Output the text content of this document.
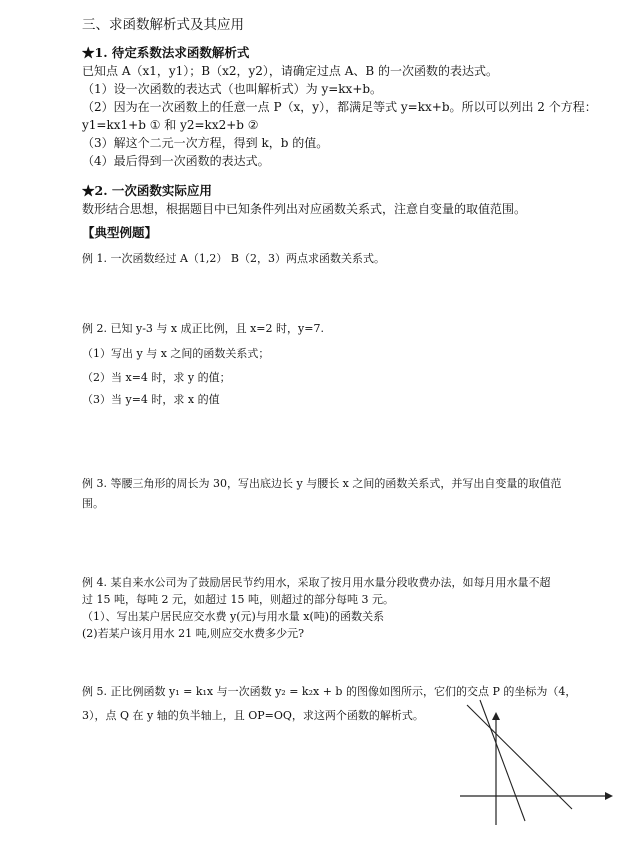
三、求函数解析式及其应用
★1. 待定系数法求函数解析式
已知点 A（x1，y1）；B（x2，y2），请确定过点 A、B 的一次函数的表达式。
（1）设一次函数的表达式（也叫解析式）为 y=kx+b。
（2）因为在一次函数上的任意一点 P（x，y），都满足等式 y=kx+b。所以可以列出 2 个方程：
y1=kx1+b ① 和 y2=kx2+b ②
（3）解这个二元一次方程，得到 k，b 的值。
（4）最后得到一次函数的表达式。
★2. 一次函数实际应用
数形结合思想，根据题目中已知条件列出对应函数关系式，注意自变量的取值范围。
【典型例题】
例 1. 一次函数经过 A（1,2） B（2，3）两点求函数关系式。
例 2. 已知 y-3 与 x 成正比例，且 x=2 时，y=7.
（1）写出 y 与 x 之间的函数关系式；
（2）当 x=4 时，求 y 的值；
（3）当 y=4 时，求 x 的值
例 3. 等腰三角形的周长为 30，写出底边长 y 与腰长 x 之间的函数关系式，并写出自变量的取值范围。
例 4. 某自来水公司为了鼓励居民节约用水，采取了按月用水量分段收费办法，如每月用水量不超
过 15 吨，每吨 2 元，如超过 15 吨，则超过的部分每吨 3 元。
（1）、写出某户居民应交水费 y(元)与用水量 x(吨)的函数关系
(2)若某户该月用水 21 吨,则应交水费多少元?
例 5. 正比例函数 y₁ = k₁x 与一次函数 y₂ = k₂x + b 的图像如图所示，它们的交点 P 的坐标为（4，
3），点 Q 在 y 轴的负半轴上，且 OP=OQ，求这两个函数的解析式。
